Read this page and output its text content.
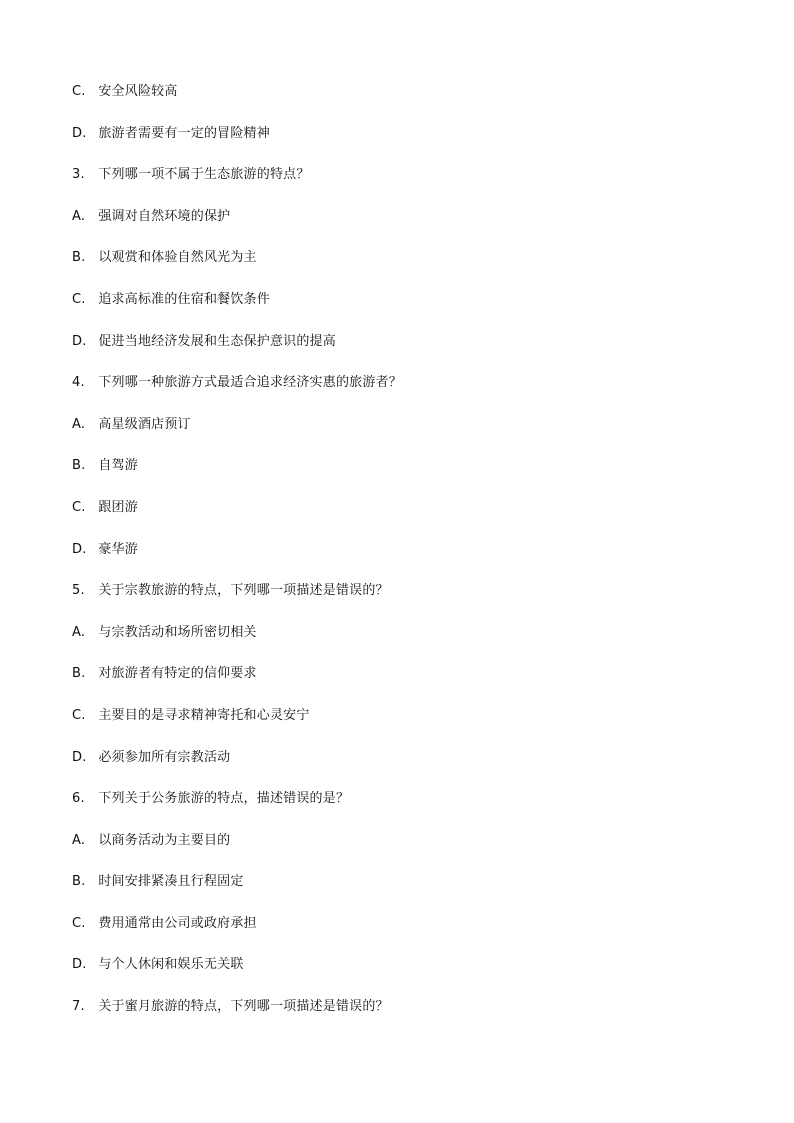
C. 安全风险较高
D. 旅游者需要有一定的冒险精神
3. 下列哪一项不属于生态旅游的特点？
A. 强调对自然环境的保护
B. 以观赏和体验自然风光为主
C. 追求高标准的住宿和餐饮条件
D. 促进当地经济发展和生态保护意识的提高
4. 下列哪一种旅游方式最适合追求经济实惠的旅游者？
A. 高星级酒店预订
B. 自驾游
C. 跟团游
D. 豪华游
5. 关于宗教旅游的特点，下列哪一项描述是错误的？
A. 与宗教活动和场所密切相关
B. 对旅游者有特定的信仰要求
C. 主要目的是寻求精神寄托和心灵安宁
D. 必须参加所有宗教活动
6. 下列关于公务旅游的特点，描述错误的是？
A. 以商务活动为主要目的
B. 时间安排紧凑且行程固定
C. 费用通常由公司或政府承担
D. 与个人休闲和娱乐无关联
7. 关于蜜月旅游的特点，下列哪一项描述是错误的？
